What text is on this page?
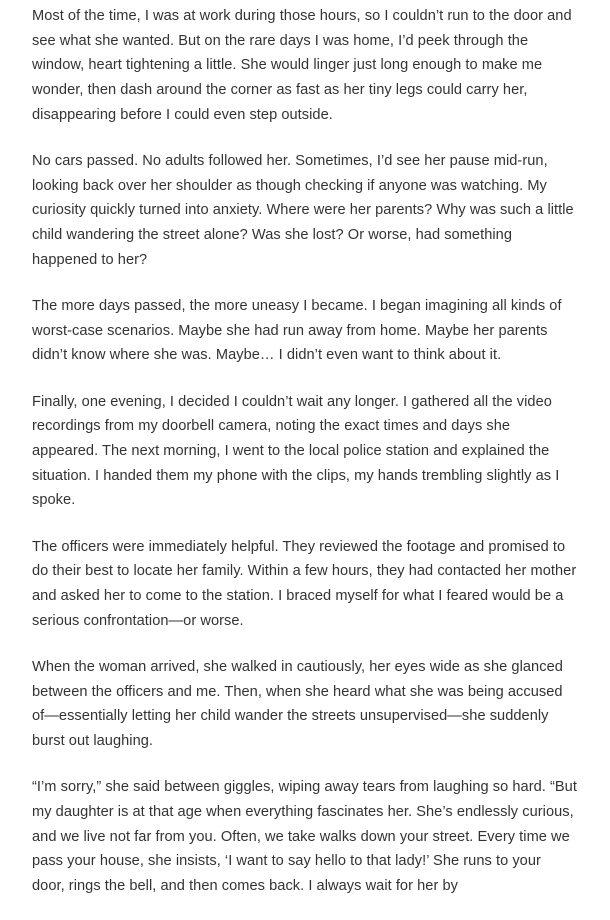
Most of the time, I was at work during those hours, so I couldn’t run to the door and see what she wanted. But on the rare days I was home, I’d peek through the window, heart tightening a little. She would linger just long enough to make me wonder, then dash around the corner as fast as her tiny legs could carry her, disappearing before I could even step outside.

No cars passed. No adults followed her. Sometimes, I’d see her pause mid-run, looking back over her shoulder as though checking if anyone was watching. My curiosity quickly turned into anxiety. Where were her parents? Why was such a little child wandering the street alone? Was she lost? Or worse, had something happened to her?

The more days passed, the more uneasy I became. I began imagining all kinds of worst-case scenarios. Maybe she had run away from home. Maybe her parents didn’t know where she was. Maybe… I didn’t even want to think about it.

Finally, one evening, I decided I couldn’t wait any longer. I gathered all the video recordings from my doorbell camera, noting the exact times and days she appeared. The next morning, I went to the local police station and explained the situation. I handed them my phone with the clips, my hands trembling slightly as I spoke.

The officers were immediately helpful. They reviewed the footage and promised to do their best to locate her family. Within a few hours, they had contacted her mother and asked her to come to the station. I braced myself for what I feared would be a serious confrontation—or worse.

When the woman arrived, she walked in cautiously, her eyes wide as she glanced between the officers and me. Then, when she heard what she was being accused of—essentially letting her child wander the streets unsupervised—she suddenly burst out laughing.

“I’m sorry,” she said between giggles, wiping away tears from laughing so hard. “But my daughter is at that age when everything fascinates her. She’s endlessly curious, and we live not far from you. Often, we take walks down your street. Every time we pass your house, she insists, ‘I want to say hello to that lady!’ She runs to your door, rings the bell, and then comes back. I always wait for her by
